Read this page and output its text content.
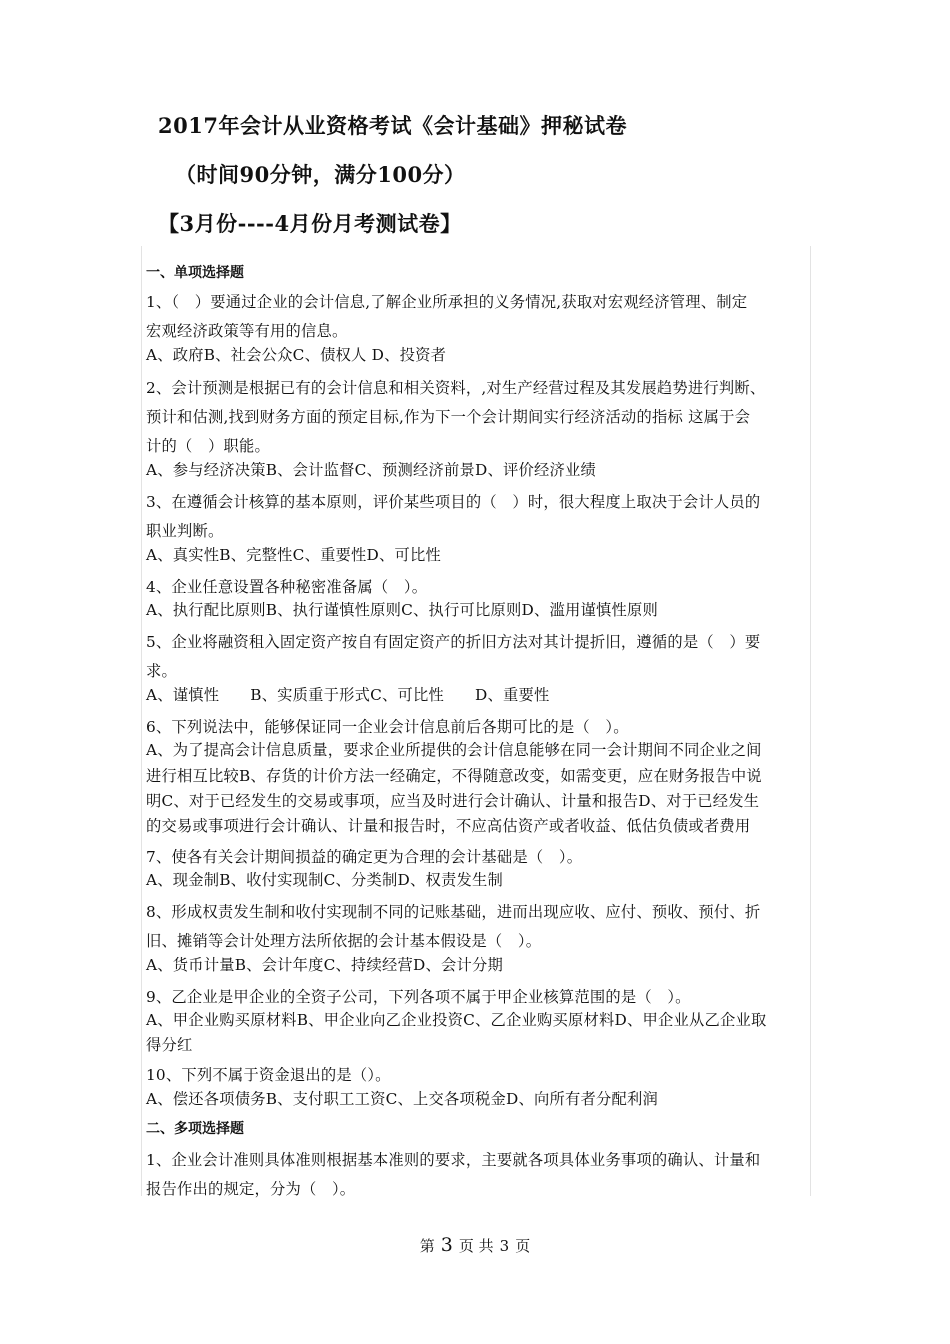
2017年会计从业资格考试《会计基础》押秘试卷
（时间90分钟，满分100分）
【3月份----4月份月考测试卷】
一、单项选择题
1、（　）要通过企业的会计信息,了解企业所承担的义务情况,获取对宏观经济管理、制定
宏观经济政策等有用的信息。
A、政府B、社会公众C、债权人 D、投资者
2、会计预测是根据已有的会计信息和相关资料，,对生产经营过程及其发展趋势进行判断、
预计和估测,找到财务方面的预定目标,作为下一个会计期间实行经济活动的指标 这属于会
计的（　）职能。
A、参与经济决策B、会计监督C、预测经济前景D、评价经济业绩
3、在遵循会计核算的基本原则，评价某些项目的（　）时，很大程度上取决于会计人员的
职业判断。
A、真实性B、完整性C、重要性D、可比性
4、企业任意设置各种秘密准备属（　）。
A、执行配比原则B、执行谨慎性原则C、执行可比原则D、滥用谨慎性原则
5、企业将融资租入固定资产按自有固定资产的折旧方法对其计提折旧，遵循的是（　）要
求。
A、谨慎性　　B、实质重于形式C、可比性　　D、重要性
6、下列说法中，能够保证同一企业会计信息前后各期可比的是（　）。
A、为了提高会计信息质量，要求企业所提供的会计信息能够在同一会计期间不同企业之间
进行相互比较B、存货的计价方法一经确定，不得随意改变，如需变更，应在财务报告中说
明C、对于已经发生的交易或事项，应当及时进行会计确认、计量和报告D、对于已经发生
的交易或事项进行会计确认、计量和报告时，不应高估资产或者收益、低估负债或者费用
7、使各有关会计期间损益的确定更为合理的会计基础是（　）。
A、现金制B、收付实现制C、分类制D、权责发生制
8、形成权责发生制和收付实现制不同的记账基础，进而出现应收、应付、预收、预付、折
旧、摊销等会计处理方法所依据的会计基本假设是（　）。
A、货币计量B、会计年度C、持续经营D、会计分期
9、乙企业是甲企业的全资子公司，下列各项不属于甲企业核算范围的是（　）。
A、甲企业购买原材料B、甲企业向乙企业投资C、乙企业购买原材料D、甲企业从乙企业取
得分红
10、下列不属于资金退出的是（）。
A、偿还各项债务B、支付职工工资C、上交各项税金D、向所有者分配利润
二、多项选择题
1、企业会计准则具体准则根据基本准则的要求，主要就各项具体业务事项的确认、计量和
报告作出的规定，分为（　）。
第 3 页 共 3 页
